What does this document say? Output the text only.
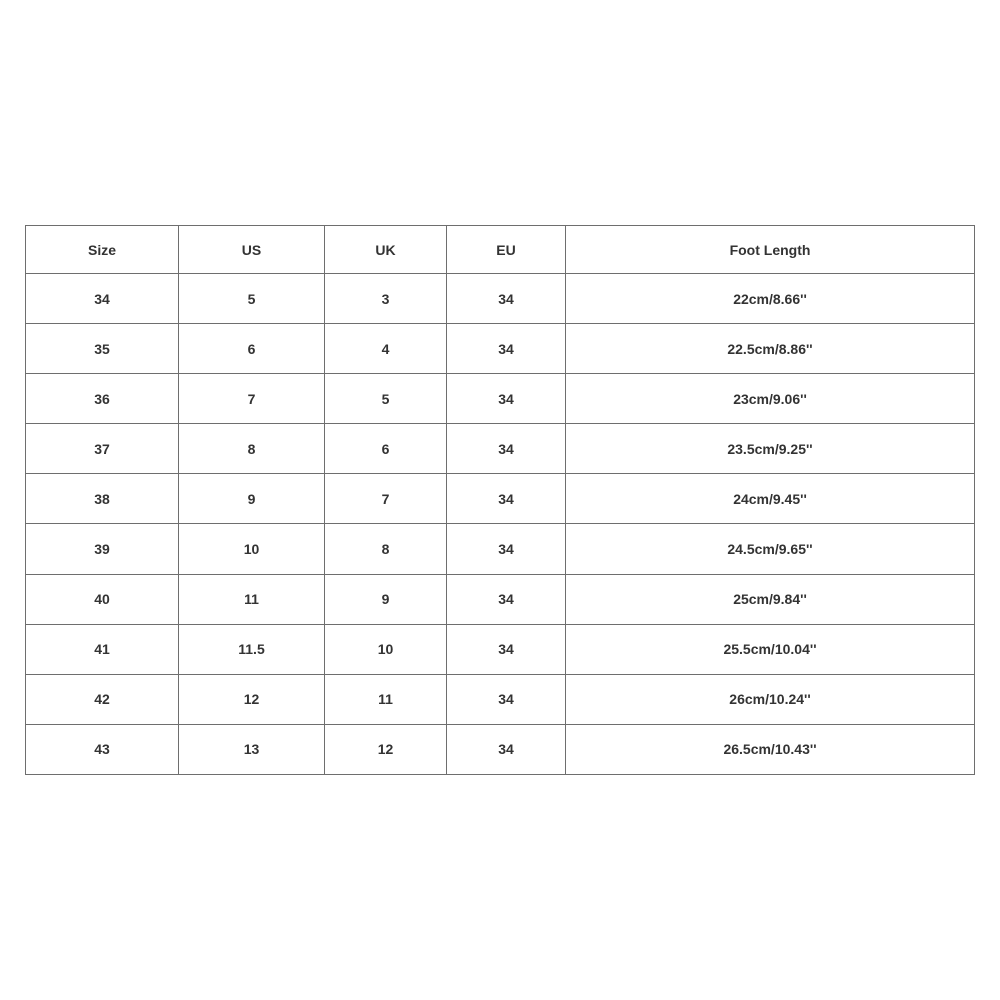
Size	US	UK	EU	Foot Length
34	5	3	34	22cm/8.66''
35	6	4	34	22.5cm/8.86''
36	7	5	34	23cm/9.06''
37	8	6	34	23.5cm/9.25''
38	9	7	34	24cm/9.45''
39	10	8	34	24.5cm/9.65''
40	11	9	34	25cm/9.84''
41	11.5	10	34	25.5cm/10.04''
42	12	11	34	26cm/10.24''
43	13	12	34	26.5cm/10.43''
